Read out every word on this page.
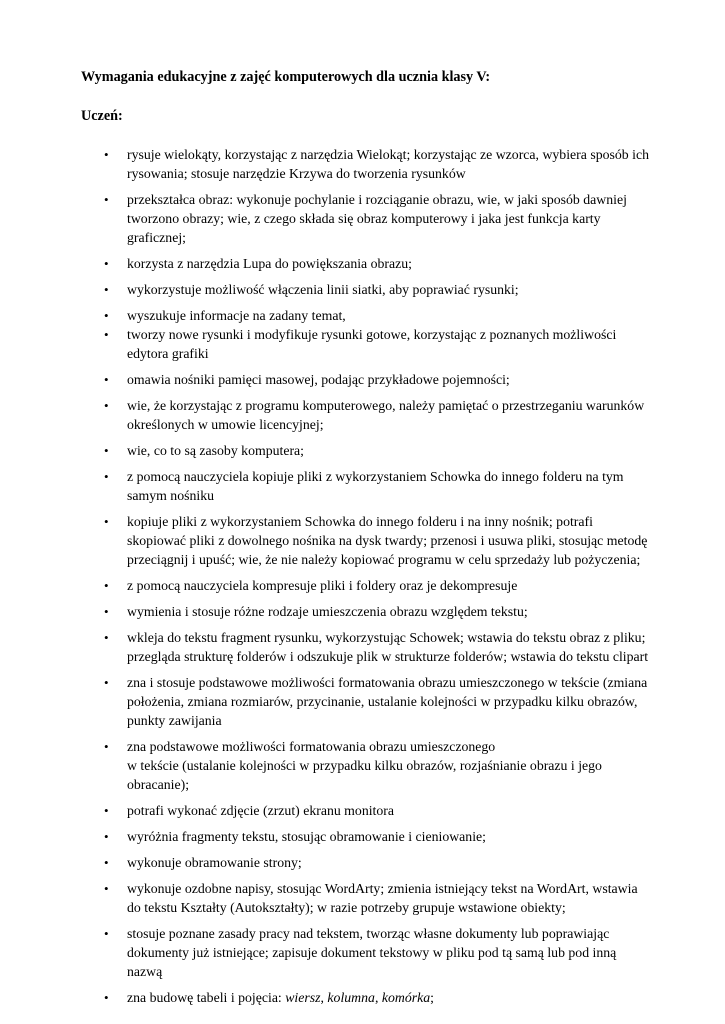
Wymagania edukacyjne z zajęć komputerowych dla ucznia klasy V:

Uczeń:

• rysuje wielokąty, korzystając z narzędzia Wielokąt; korzystając ze wzorca, wybiera sposób ich rysowania; stosuje narzędzie Krzywa do tworzenia rysunków
• przekształca obraz: wykonuje pochylanie i rozciąganie obrazu, wie, w jaki sposób dawniej tworzono obrazy; wie, z czego składa się obraz komputerowy i jaka jest funkcja karty graficznej;
• korzysta z narzędzia Lupa do powiększania obrazu;
• wykorzystuje możliwość włączenia linii siatki, aby poprawiać rysunki;
• wyszukuje informacje na zadany temat,
• tworzy nowe rysunki i modyfikuje rysunki gotowe, korzystając z poznanych możliwości edytora grafiki
• omawia nośniki pamięci masowej, podając przykładowe pojemności;
• wie, że korzystając z programu komputerowego, należy pamiętać o przestrzeganiu warunków określonych w umowie licencyjnej;
• wie, co to są zasoby komputera;
• z pomocą nauczyciela kopiuje pliki z wykorzystaniem Schowka do innego folderu na tym samym nośniku
• kopiuje pliki z wykorzystaniem Schowka do innego folderu i na inny nośnik; potrafi skopiować pliki z dowolnego nośnika na dysk twardy; przenosi i usuwa pliki, stosując metodę przeciągnij i upuść; wie, że nie należy kopiować programu w celu sprzedaży lub pożyczenia;
• z pomocą nauczyciela kompresuje pliki i foldery oraz je dekompresuje
• wymienia i stosuje różne rodzaje umieszczenia obrazu względem tekstu;
• wkleja do tekstu fragment rysunku, wykorzystując Schowek; wstawia do tekstu obraz z pliku; przegląda strukturę folderów i odszukuje plik w strukturze folderów; wstawia do tekstu clipart
• zna i stosuje podstawowe możliwości formatowania obrazu umieszczonego w tekście (zmiana położenia, zmiana rozmiarów, przycinanie, ustalanie kolejności w przypadku kilku obrazów, punkty zawijania
• zna podstawowe możliwości formatowania obrazu umieszczonego
w tekście (ustalanie kolejności w przypadku kilku obrazów, rozjaśnianie obrazu i jego obracanie);
• potrafi wykonać zdjęcie (zrzut) ekranu monitora
• wyróżnia fragmenty tekstu, stosując obramowanie i cieniowanie;
• wykonuje obramowanie strony;
• wykonuje ozdobne napisy, stosując WordArty; zmienia istniejący tekst na WordArt, wstawia do tekstu Kształty (Autokształty); w razie potrzeby grupuje wstawione obiekty;
• stosuje poznane zasady pracy nad tekstem, tworząc własne dokumenty lub poprawiając dokumenty już istniejące; zapisuje dokument tekstowy w pliku pod tą samą lub pod inną nazwą
• zna budowę tabeli i pojęcia: wiersz, kolumna, komórka;
